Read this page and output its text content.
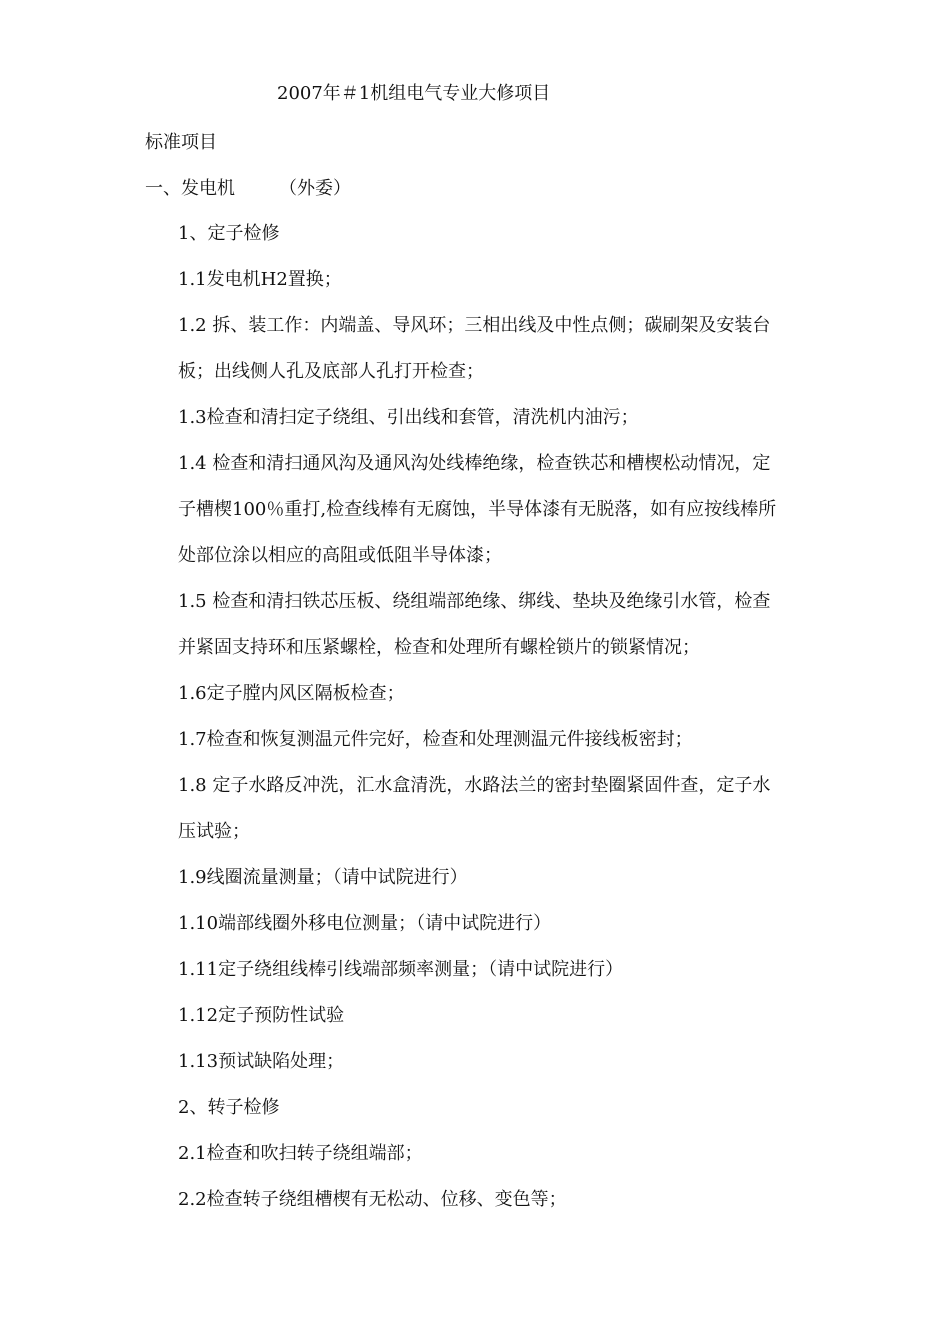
2007年＃1机组电气专业大修项目
标准项目
一、发电机 （外委）
1、定子检修
1.1发电机H2置换；
1.2 拆、装工作：内端盖、导风环；三相出线及中性点侧；碳刷架及安装台
板；出线侧人孔及底部人孔打开检查；
1.3检查和清扫定子绕组、引出线和套管，清洗机内油污；
1.4 检查和清扫通风沟及通风沟处线棒绝缘，检查铁芯和槽楔松动情况，定
子槽楔100％重打,检查线棒有无腐蚀，半导体漆有无脱落，如有应按线棒所
处部位涂以相应的高阻或低阻半导体漆；
1.5 检查和清扫铁芯压板、绕组端部绝缘、绑线、垫块及绝缘引水管，检查
并紧固支持环和压紧螺栓，检查和处理所有螺栓锁片的锁紧情况；
1.6定子膛内风区隔板检查；
1.7检查和恢复测温元件完好，检查和处理测温元件接线板密封；
1.8 定子水路反冲洗，汇水盒清洗，水路法兰的密封垫圈紧固件查，定子水
压试验；
1.9线圈流量测量；（请中试院进行）
1.10端部线圈外移电位测量；（请中试院进行）
1.11定子绕组线棒引线端部频率测量；（请中试院进行）
1.12定子预防性试验
1.13预试缺陷处理；
2、转子检修
2.1检查和吹扫转子绕组端部；
2.2检查转子绕组槽楔有无松动、位移、变色等；
